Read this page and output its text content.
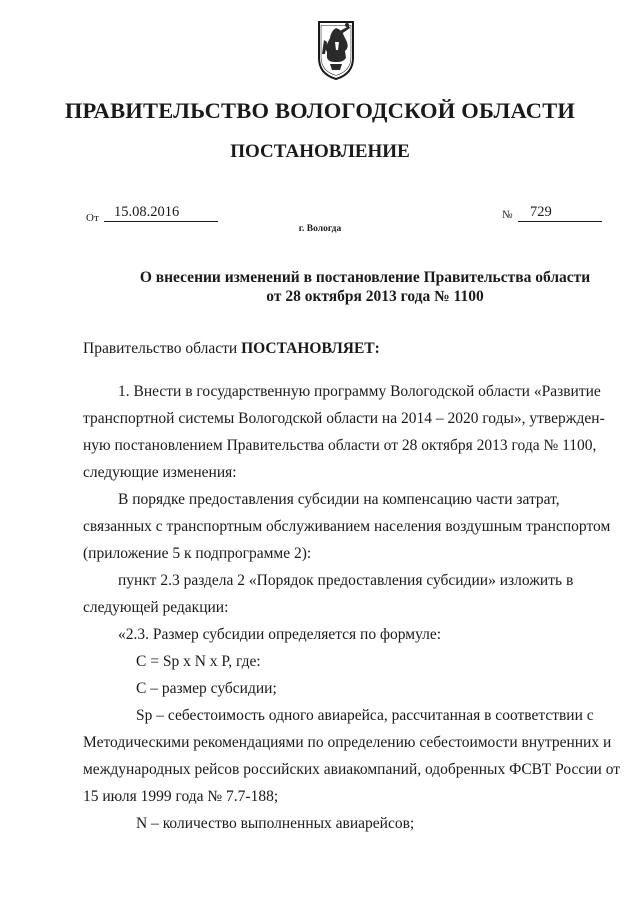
ПРАВИТЕЛЬСТВО ВОЛОГОДСКОЙ ОБЛАСТИ
ПОСТАНОВЛЕНИЕ
От	15.08.2016	№	729
г. Вологда
О внесении изменений в постановление Правительства области
от 28 октября 2013 года № 1100
Правительство области ПОСТАНОВЛЯЕТ:
1. Внести в государственную программу Вологодской области «Развитие
транспортной системы Вологодской области на 2014 – 2020 годы», утвержден-
ную постановлением Правительства области от 28 октября 2013 года № 1100,
следующие изменения:
В порядке предоставления субсидии на компенсацию части затрат,
связанных с транспортным обслуживанием населения воздушным транспортом
(приложение 5 к подпрограмме 2):
пункт 2.3 раздела 2 «Порядок предоставления субсидии» изложить в
следующей редакции:
«2.3. Размер субсидии определяется по формуле:
С = Sp x N x P, где:
С – размер субсидии;
Sp – себестоимость одного авиарейса, рассчитанная в соответствии с
Методическими рекомендациями по определению себестоимости внутренних и
международных рейсов российских авиакомпаний, одобренных ФСВТ России от
15 июля 1999 года № 7.7-188;
N – количество выполненных авиарейсов;
